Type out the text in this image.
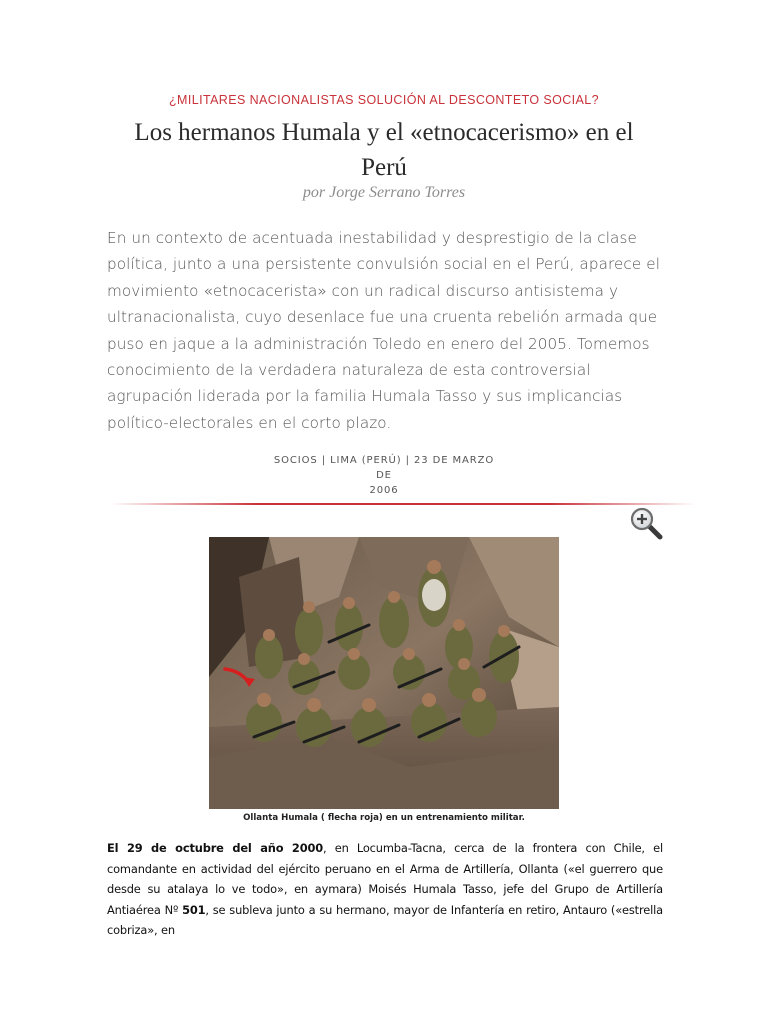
¿MILITARES NACIONALISTAS SOLUCIÓN AL DESCONTETO SOCIAL?
Los hermanos Humala y el «etnocacerismo» en el Perú
por Jorge Serrano Torres

En un contexto de acentuada inestabilidad y desprestigio de la clase política, junto a una persistente convulsión social en el Perú, aparece el movimiento «etnocacerista» con un radical discurso antisistema y ultranacionalista, cuyo desenlace fue una cruenta rebelión armada que puso en jaque a la administración Toledo en enero del 2005. Tomemos conocimiento de la verdadera naturaleza de esta controversial agrupación liderada por la familia Humala Tasso y sus implicancias político-electorales en el corto plazo.

SOCIOS | LIMA (PERÚ) | 23 DE MARZO DE
2006
Ollanta Humala ( flecha roja) en un entrenamiento militar.

El 29 de octubre del año 2000, en Locumba-Tacna, cerca de la frontera con Chile, el comandante en actividad del ejército peruano en el Arma de Artillería, Ollanta («el guerrero que desde su atalaya lo ve todo», en aymara) Moisés Humala Tasso, jefe del Grupo de Artillería Antiaérea Nº 501, se subleva junto a su hermano, mayor de Infantería en retiro, Antauro («estrella cobriza», en
